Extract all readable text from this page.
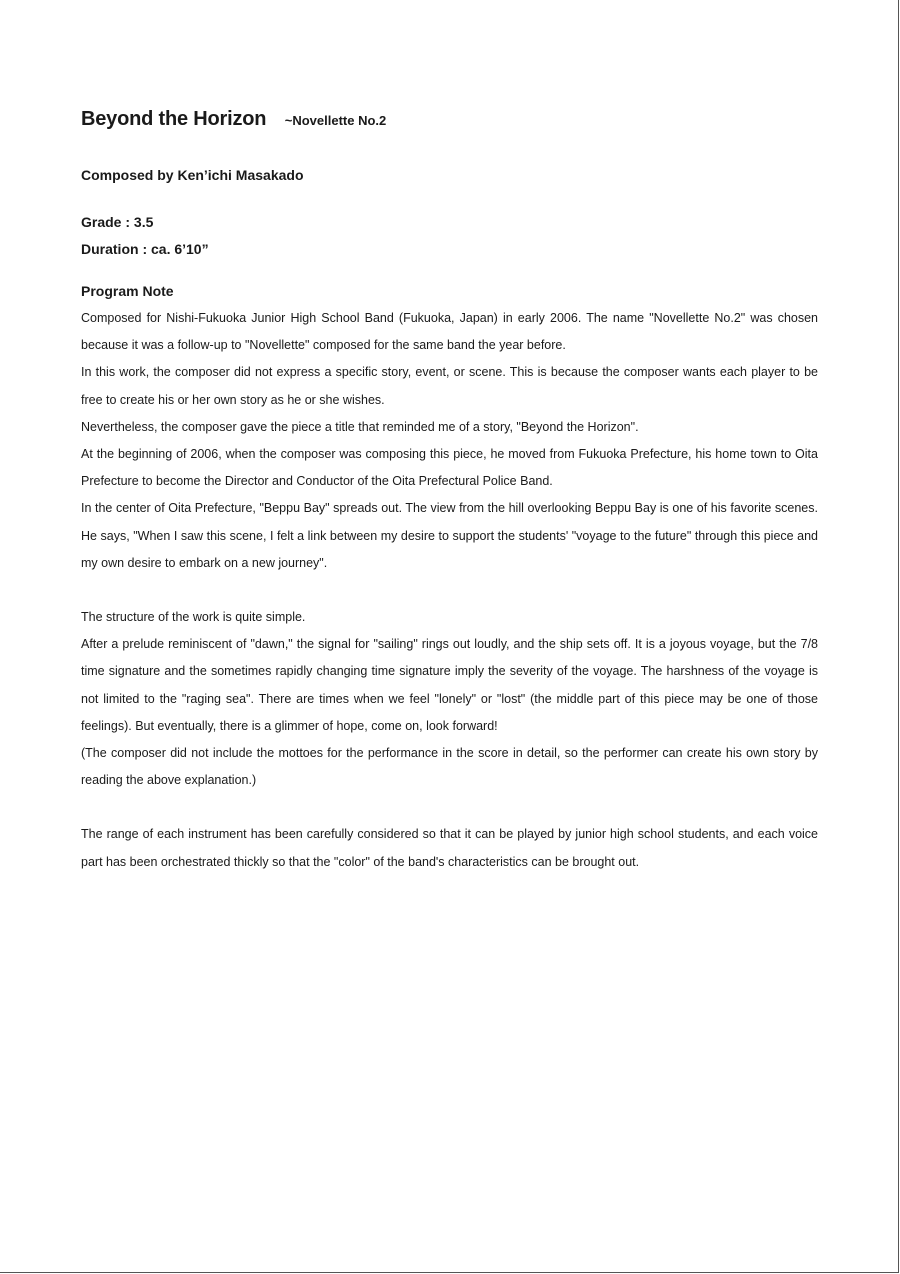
Beyond the Horizon ~Novellette No.2
Composed by Ken’ichi Masakado
Grade : 3.5
Duration : ca. 6’10”
Program Note

Composed for Nishi-Fukuoka Junior High School Band (Fukuoka, Japan) in early 2006. The name "Novellette No.2" was chosen because it was a follow-up to "Novellette" composed for the same band the year before.

In this work, the composer did not express a specific story, event, or scene. This is because the composer wants each player to be free to create his or her own story as he or she wishes.

Nevertheless, the composer gave the piece a title that reminded me of a story, "Beyond the Horizon".

At the beginning of 2006, when the composer was composing this piece, he moved from Fukuoka Prefecture, his home town to Oita Prefecture to become the Director and Conductor of the Oita Prefectural Police Band.

In the center of Oita Prefecture, "Beppu Bay" spreads out. The view from the hill overlooking Beppu Bay is one of his favorite scenes. He says, "When I saw this scene, I felt a link between my desire to support the students' "voyage to the future" through this piece and my own desire to embark on a new journey".

The structure of the work is quite simple.

After a prelude reminiscent of "dawn," the signal for "sailing" rings out loudly, and the ship sets off. It is a joyous voyage, but the 7/8 time signature and the sometimes rapidly changing time signature imply the severity of the voyage. The harshness of the voyage is not limited to the "raging sea". There are times when we feel "lonely" or "lost" (the middle part of this piece may be one of those feelings). But eventually, there is a glimmer of hope, come on, look forward!

(The composer did not include the mottoes for the performance in the score in detail, so the performer can create his own story by reading the above explanation.)

The range of each instrument has been carefully considered so that it can be played by junior high school students, and each voice part has been orchestrated thickly so that the "color" of the band's characteristics can be brought out.
